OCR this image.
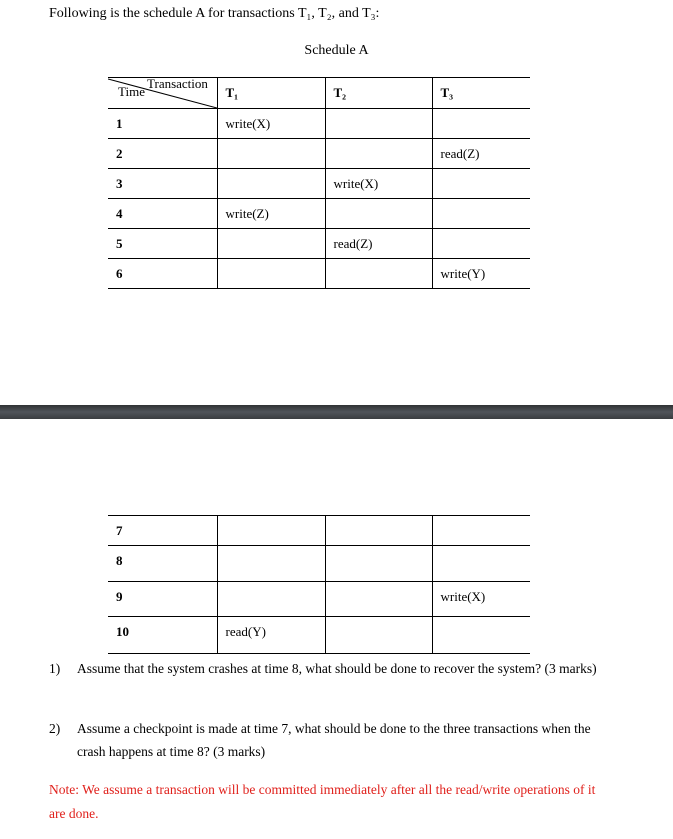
Following is the schedule A for transactions T₁, T₂, and T₃:
Schedule A
Time
Transaction	T₁	T₂	T₃
1	write(X)		
2			read(Z)
3		write(X)	
4	write(Z)		
5		read(Z)	
6			write(Y)
7			
8			
9			write(X)
10	read(Y)		
1) Assume that the system crashes at time 8, what should be done to recover the system? (3 marks)
2) Assume a checkpoint is made at time 7, what should be done to the three transactions when the crash happens at time 8? (3 marks)
Note: We assume a transaction will be committed immediately after all the read/write operations of it are done.
